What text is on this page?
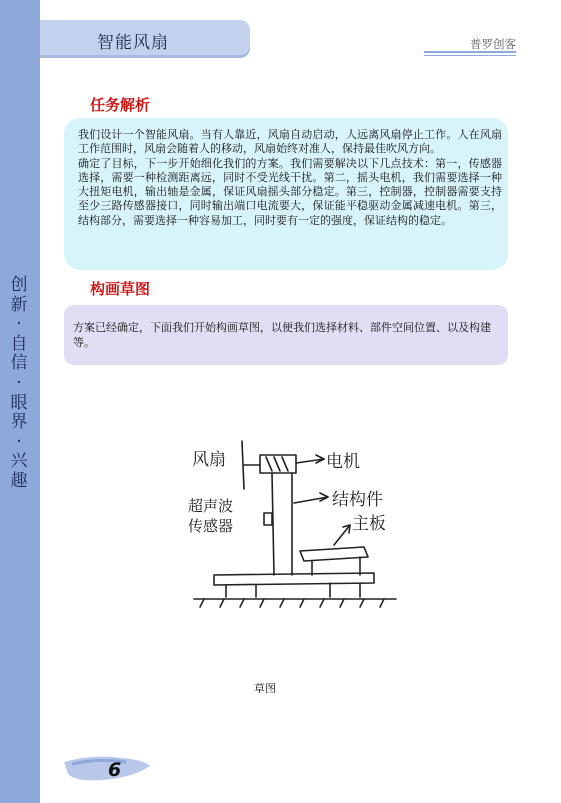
创
新
·
自
信
·
眼
界
·
兴
趣
智能风扇	普罗创客
任务解析

我们设计一个智能风扇。当有人靠近，风扇自动启动，人远离风扇停止工作。人在风扇工作范围时，风扇会随着人的移动，风扇始终对准人，保持最佳吹风方向。

确定了目标，下一步开始细化我们的方案。我们需要解决以下几点技术：第一，传感器选择，需要一种检测距离远，同时不受光线干扰。第二，摇头电机，我们需要选择一种大扭矩电机，输出轴是金属，保证风扇摇头部分稳定。第三，控制器，控制器需要支持至少三路传感器接口，同时输出端口电流要大，保证能平稳驱动金属减速电机。第三，结构部分，需要选择一种容易加工，同时要有一定的强度，保证结构的稳定。

构画草图
方案已经确定，下面我们开始构画草图，以便我们选择材料、部件空间位置、以及构建等。
风扇	电机
超声波
传感器
结构件
主板
草图
6
